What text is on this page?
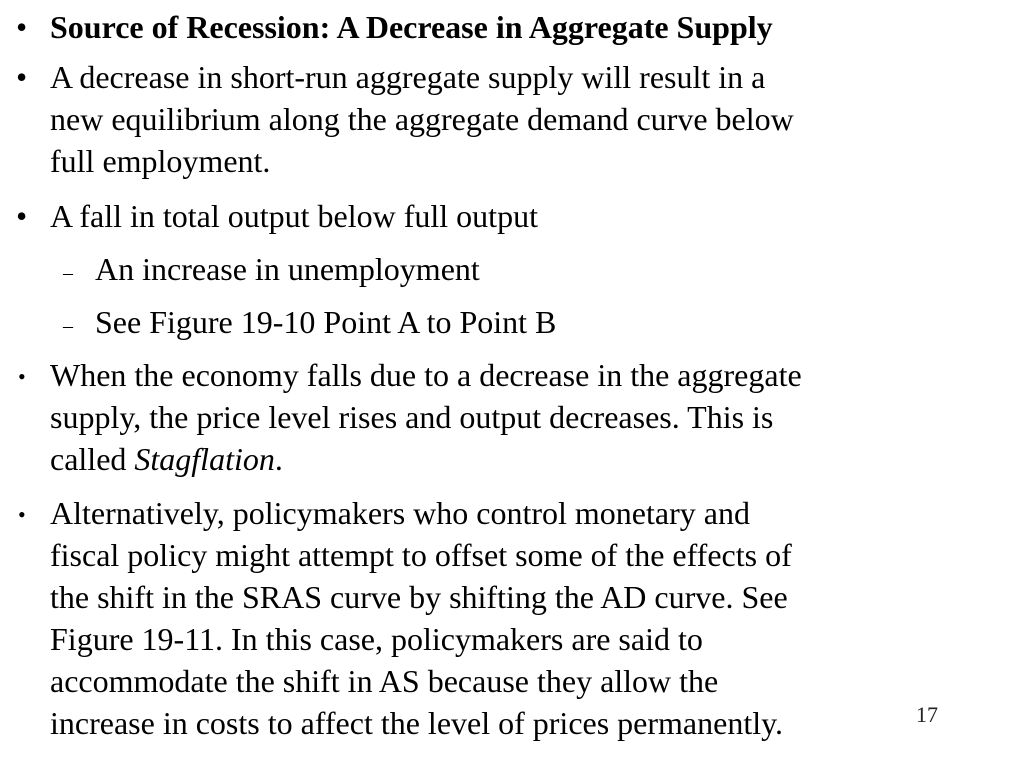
• Source of Recession: A Decrease in Aggregate Supply
• A decrease in short-run aggregate supply will result in a
new equilibrium along the aggregate demand curve below
full employment.
• A fall in total output below full output
– An increase in unemployment
– See Figure 19-10 Point A to Point B
• When the economy falls due to a decrease in the aggregate
supply, the price level rises and output decreases. This is
called Stagflation.
• Alternatively, policymakers who control monetary and
fiscal policy might attempt to offset some of the effects of
the shift in the SRAS curve by shifting the AD curve. See
Figure 19-11. In this case, policymakers are said to
accommodate the shift in AS because they allow the
increase in costs to affect the level of prices permanently.	17
